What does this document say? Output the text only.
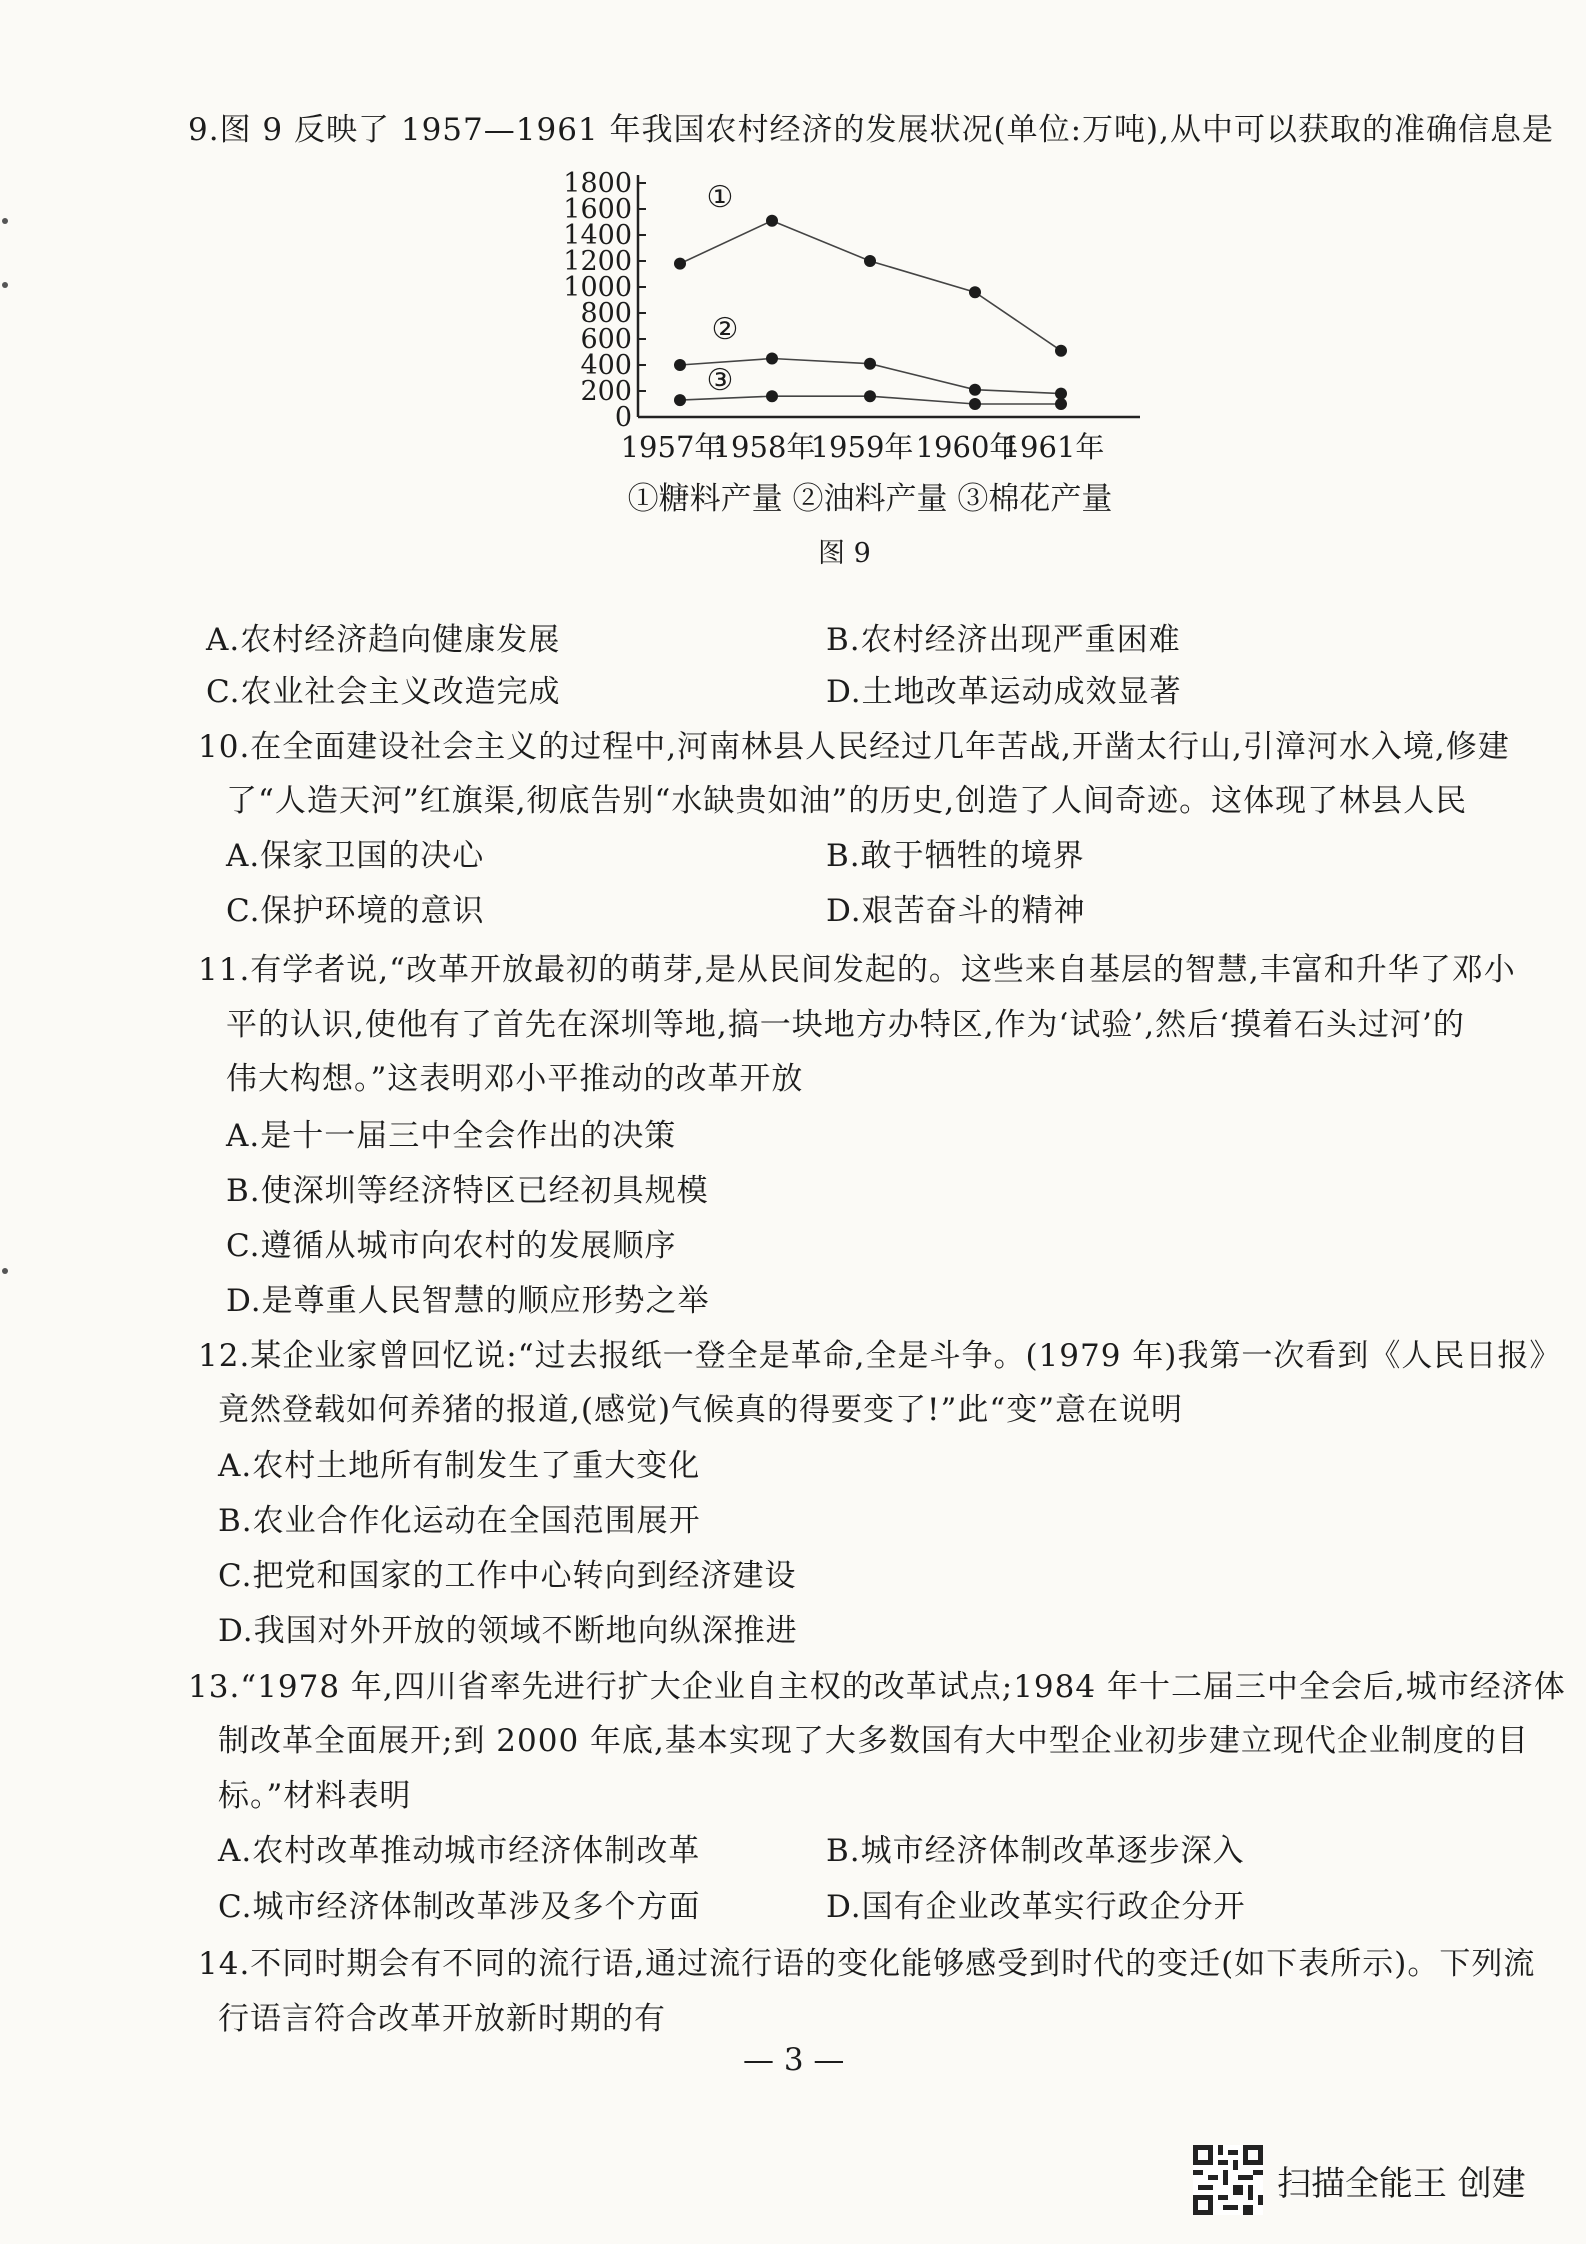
9.图 9 反映了 1957—1961 年我国农村经济的发展状况(单位:万吨),从中可以获取的准确信息是
0
200
400
600
800
1000
1200
1400
1600
1800
1957年
1958年
1959年 1960年
1961年
①
②
③
①糖料产量 ②油料产量 ③棉花产量
图 9
A.农村经济趋向健康发展	B.农村经济出现严重困难
C.农业社会主义改造完成	D.土地改革运动成效显著
10.在全面建设社会主义的过程中,河南林县人民经过几年苦战,开凿太行山,引漳河水入境,修建
了“人造天河”红旗渠,彻底告别“水缺贵如油”的历史,创造了人间奇迹。这体现了林县人民
A.保家卫国的决心	B.敢于牺牲的境界
C.保护环境的意识	D.艰苦奋斗的精神
11.有学者说,“改革开放最初的萌芽,是从民间发起的。这些来自基层的智慧,丰富和升华了邓小
平的认识,使他有了首先在深圳等地,搞一块地方办特区,作为‘试验’,然后‘摸着石头过河’的
伟大构想。”这表明邓小平推动的改革开放
A.是十一届三中全会作出的决策
B.使深圳等经济特区已经初具规模
C.遵循从城市向农村的发展顺序
D.是尊重人民智慧的顺应形势之举
12.某企业家曾回忆说:“过去报纸一登全是革命,全是斗争。(1979 年)我第一次看到《人民日报》
竟然登载如何养猪的报道,(感觉)气候真的得要变了!”此“变”意在说明
A.农村土地所有制发生了重大变化
B.农业合作化运动在全国范围展开
C.把党和国家的工作中心转向到经济建设
D.我国对外开放的领域不断地向纵深推进
13.“1978 年,四川省率先进行扩大企业自主权的改革试点;1984 年十二届三中全会后,城市经济体
制改革全面展开;到 2000 年底,基本实现了大多数国有大中型企业初步建立现代企业制度的目
标。”材料表明
A.农村改革推动城市经济体制改革	B.城市经济体制改革逐步深入
C.城市经济体制改革涉及多个方面	D.国有企业改革实行政企分开
14.不同时期会有不同的流行语,通过流行语的变化能够感受到时代的变迁(如下表所示)。下列流
行语言符合改革开放新时期的有
— 3 —
扫描全能王 创建
